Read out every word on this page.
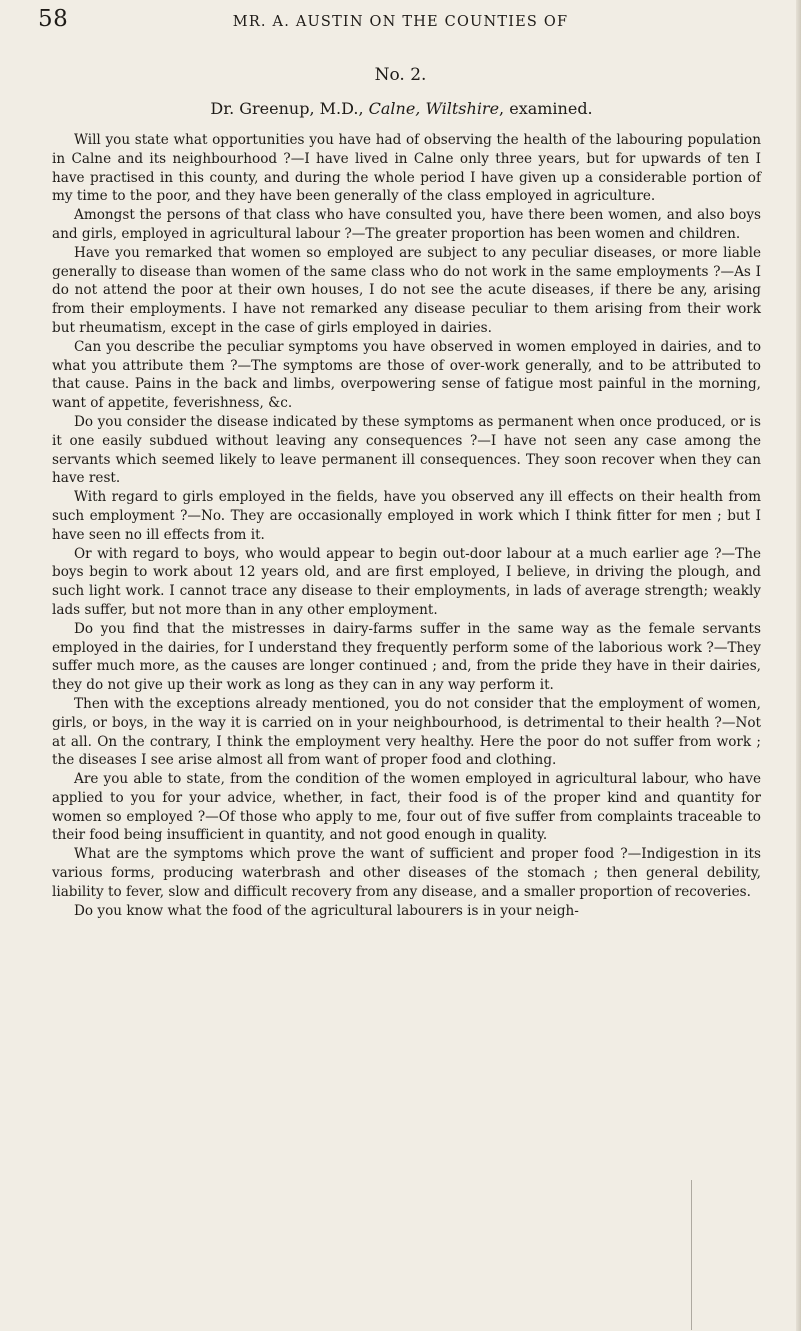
58	MR. A. AUSTIN ON THE COUNTIES OF
No. 2.
Dr. Greenup, M.D., Calne, Wiltshire, examined.

Will you state what opportunities you have had of observing the health of the labouring population in Calne and its neighbourhood ?—I have lived in Calne only three years, but for upwards of ten I have practised in this county, and during the whole period I have given up a considerable portion of my time to the poor, and they have been generally of the class employed in agriculture.

Amongst the persons of that class who have consulted you, have there been women, and also boys and girls, employed in agricultural labour ?—The greater proportion has been women and children.

Have you remarked that women so employed are subject to any peculiar diseases, or more liable generally to disease than women of the same class who do not work in the same employments ?—As I do not attend the poor at their own houses, I do not see the acute diseases, if there be any, arising from their employments. I have not remarked any disease peculiar to them arising from their work but rheumatism, except in the case of girls employed in dairies.

Can you describe the peculiar symptoms you have observed in women employed in dairies, and to what you attribute them ?—The symptoms are those of over-work generally, and to be attributed to that cause. Pains in the back and limbs, overpowering sense of fatigue most painful in the morning, want of appetite, feverishness, &c.

Do you consider the disease indicated by these symptoms as permanent when once produced, or is it one easily subdued without leaving any consequences ?—I have not seen any case among the servants which seemed likely to leave permanent ill consequences. They soon recover when they can have rest.

With regard to girls employed in the fields, have you observed any ill effects on their health from such employment ?—No. They are occasionally employed in work which I think fitter for men ; but I have seen no ill effects from it.

Or with regard to boys, who would appear to begin out-door labour at a much earlier age ?—The boys begin to work about 12 years old, and are first employed, I believe, in driving the plough, and such light work. I cannot trace any disease to their employments, in lads of average strength; weakly lads suffer, but not more than in any other employment.

Do you find that the mistresses in dairy-farms suffer in the same way as the female servants employed in the dairies, for I understand they frequently perform some of the laborious work ?—They suffer much more, as the causes are longer continued ; and, from the pride they have in their dairies, they do not give up their work as long as they can in any way perform it.

Then with the exceptions already mentioned, you do not consider that the employment of women, girls, or boys, in the way it is carried on in your neighbourhood, is detrimental to their health ?—Not at all. On the contrary, I think the employment very healthy. Here the poor do not suffer from work ; the diseases I see arise almost all from want of proper food and clothing.

Are you able to state, from the condition of the women employed in agricultural labour, who have applied to you for your advice, whether, in fact, their food is of the proper kind and quantity for women so employed ?—Of those who apply to me, four out of five suffer from complaints traceable to their food being insufficient in quantity, and not good enough in quality.

What are the symptoms which prove the want of sufficient and proper food ?—Indigestion in its various forms, producing waterbrash and other diseases of the stomach ; then general debility, liability to fever, slow and difficult recovery from any disease, and a smaller proportion of recoveries.

Do you know what the food of the agricultural labourers is in your neigh-
